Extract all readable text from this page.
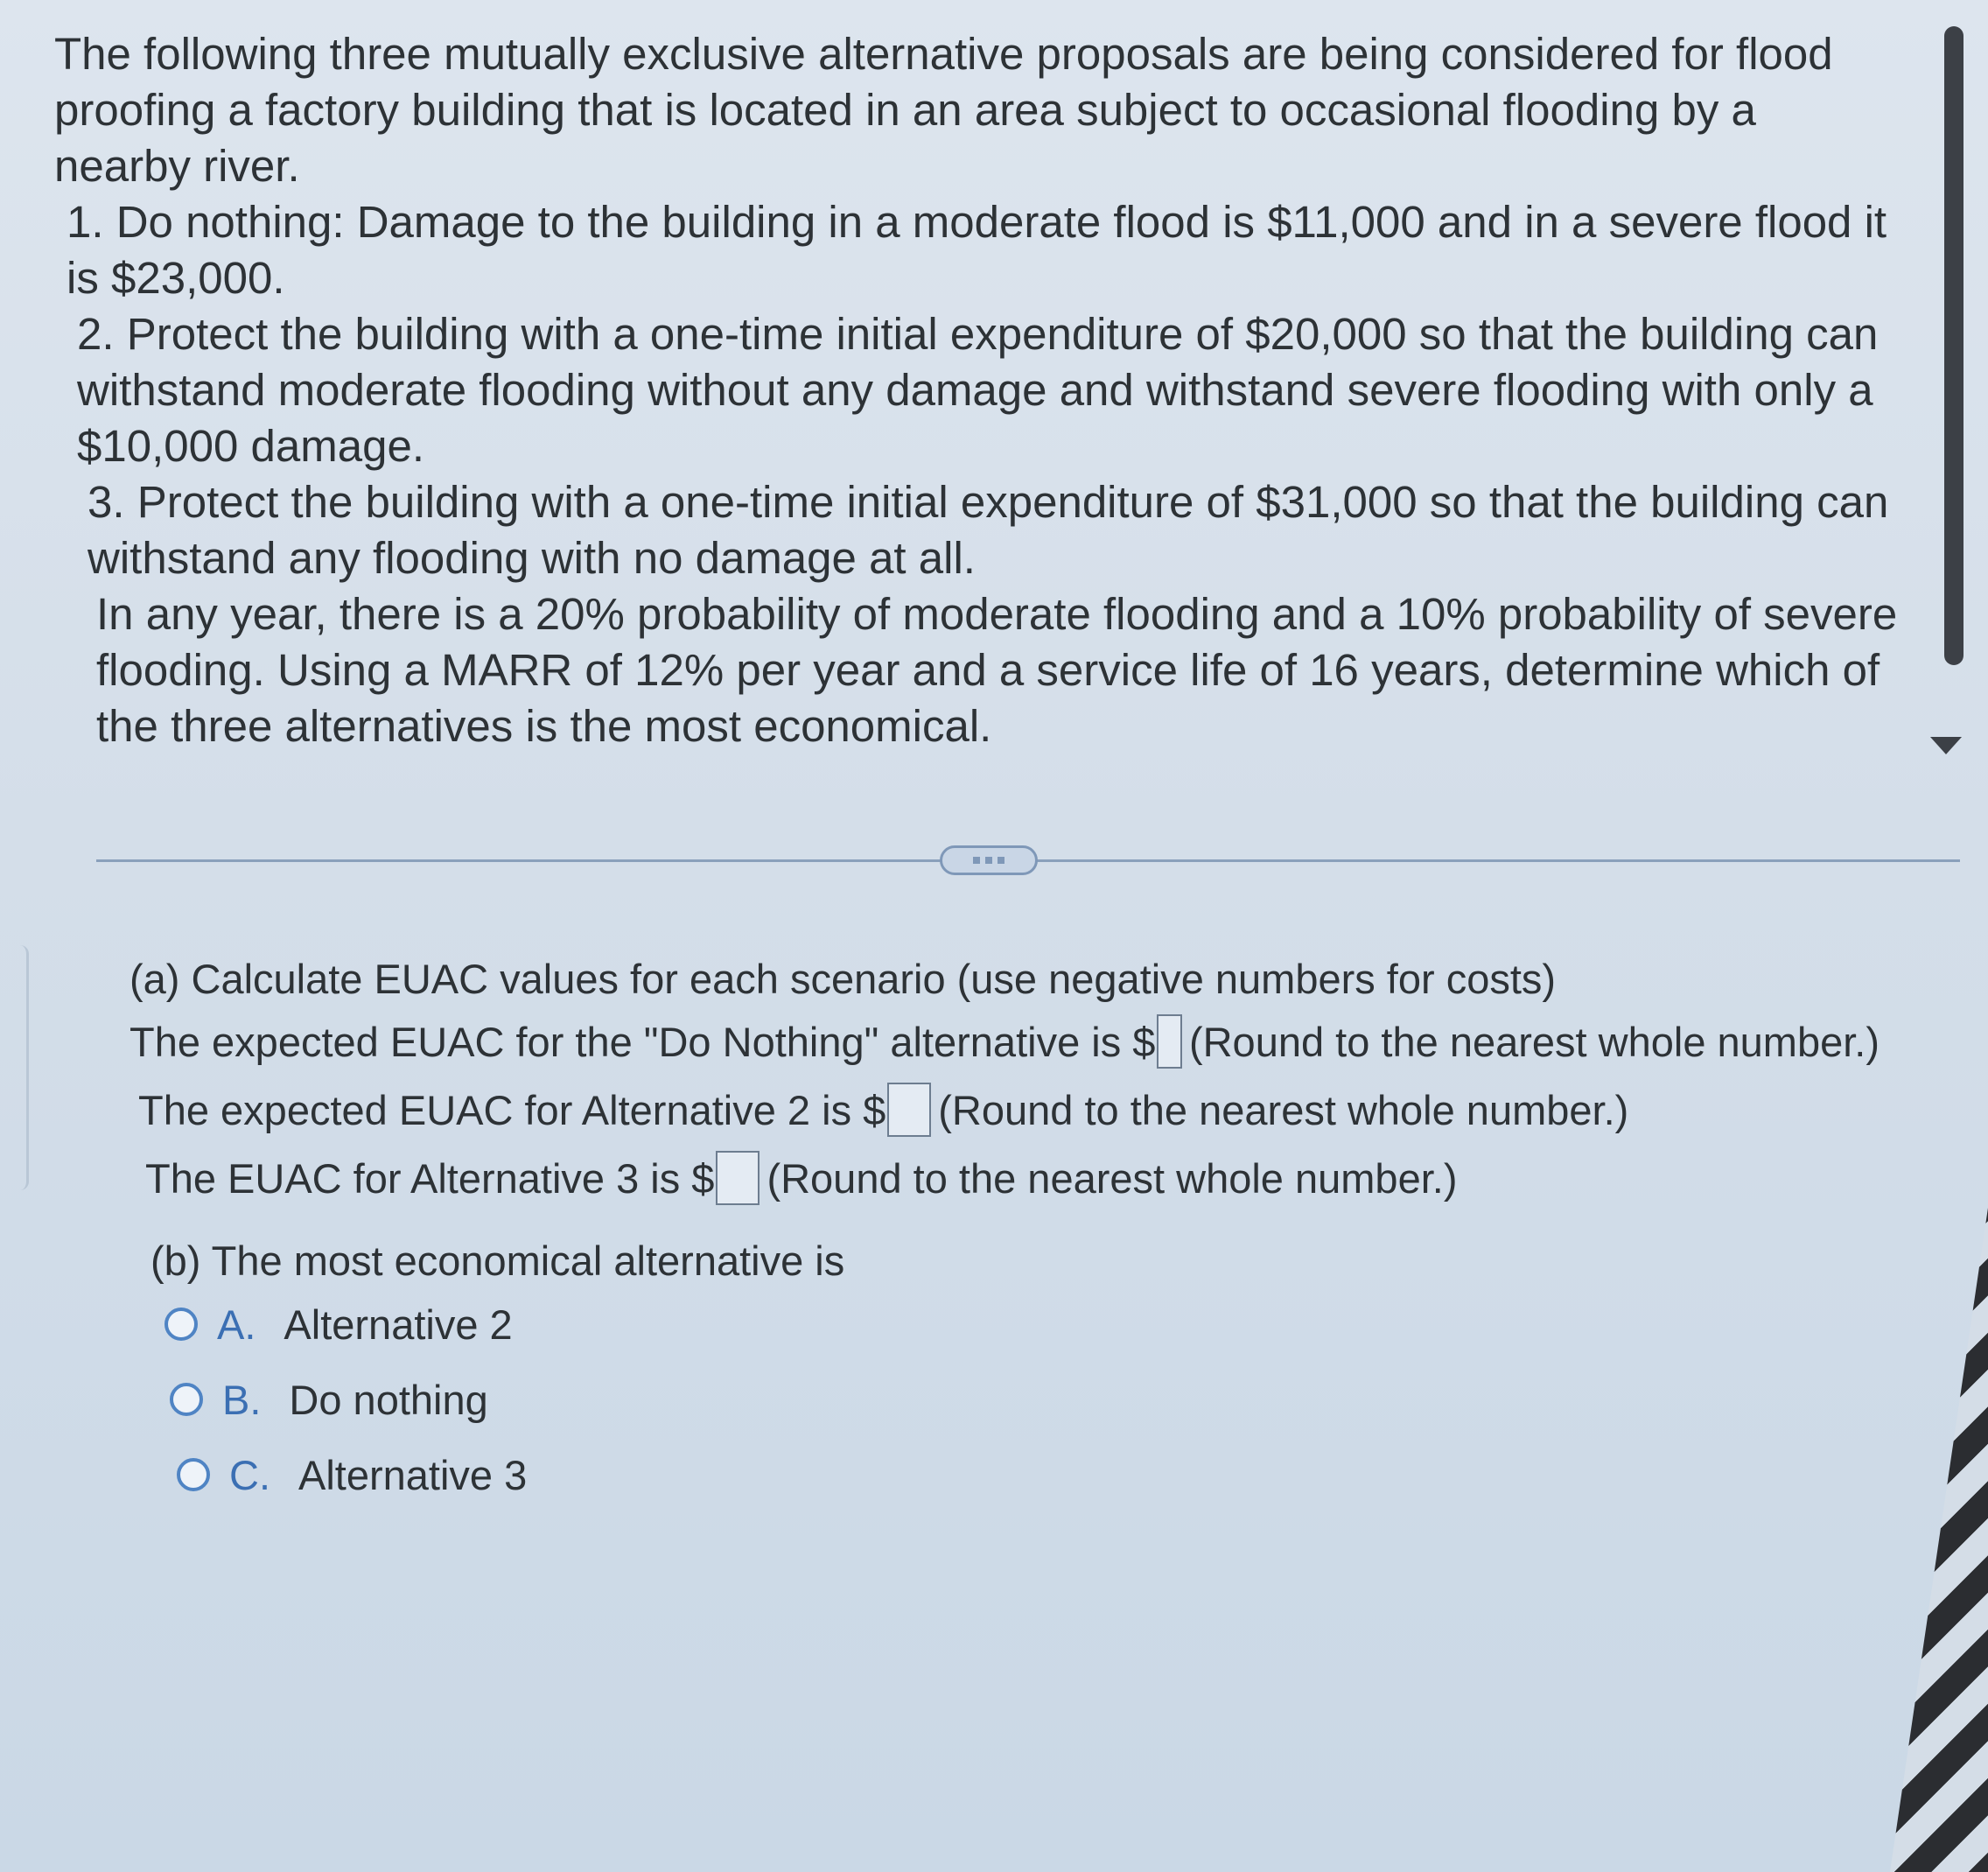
The following three mutually exclusive alternative proposals are being considered for flood proofing a factory building that is located in an area subject to occasional flooding by a nearby river.

1. Do nothing: Damage to the building in a moderate flood is $11,000 and in a severe flood it is $23,000.

2. Protect the building with a one-time initial expenditure of $20,000 so that the building can withstand moderate flooding without any damage and withstand severe flooding with only a $10,000 damage.

3. Protect the building with a one-time initial expenditure of $31,000 so that the building can withstand any flooding with no damage at all.

In any year, there is a 20% probability of moderate flooding and a 10% probability of severe flooding. Using a MARR of 12% per year and a service life of 16 years, determine which of the three alternatives is the most economical.

(a) Calculate EUAC values for each scenario (use negative numbers for costs)
The expected EUAC for the "Do Nothing" alternative is $ (Round to the nearest whole number.)
The expected EUAC for Alternative 2 is $ (Round to the nearest whole number.)
The EUAC for Alternative 3 is $ (Round to the nearest whole number.)
(b) The most economical alternative is
A. Alternative 2
B. Do nothing
C. Alternative 3
